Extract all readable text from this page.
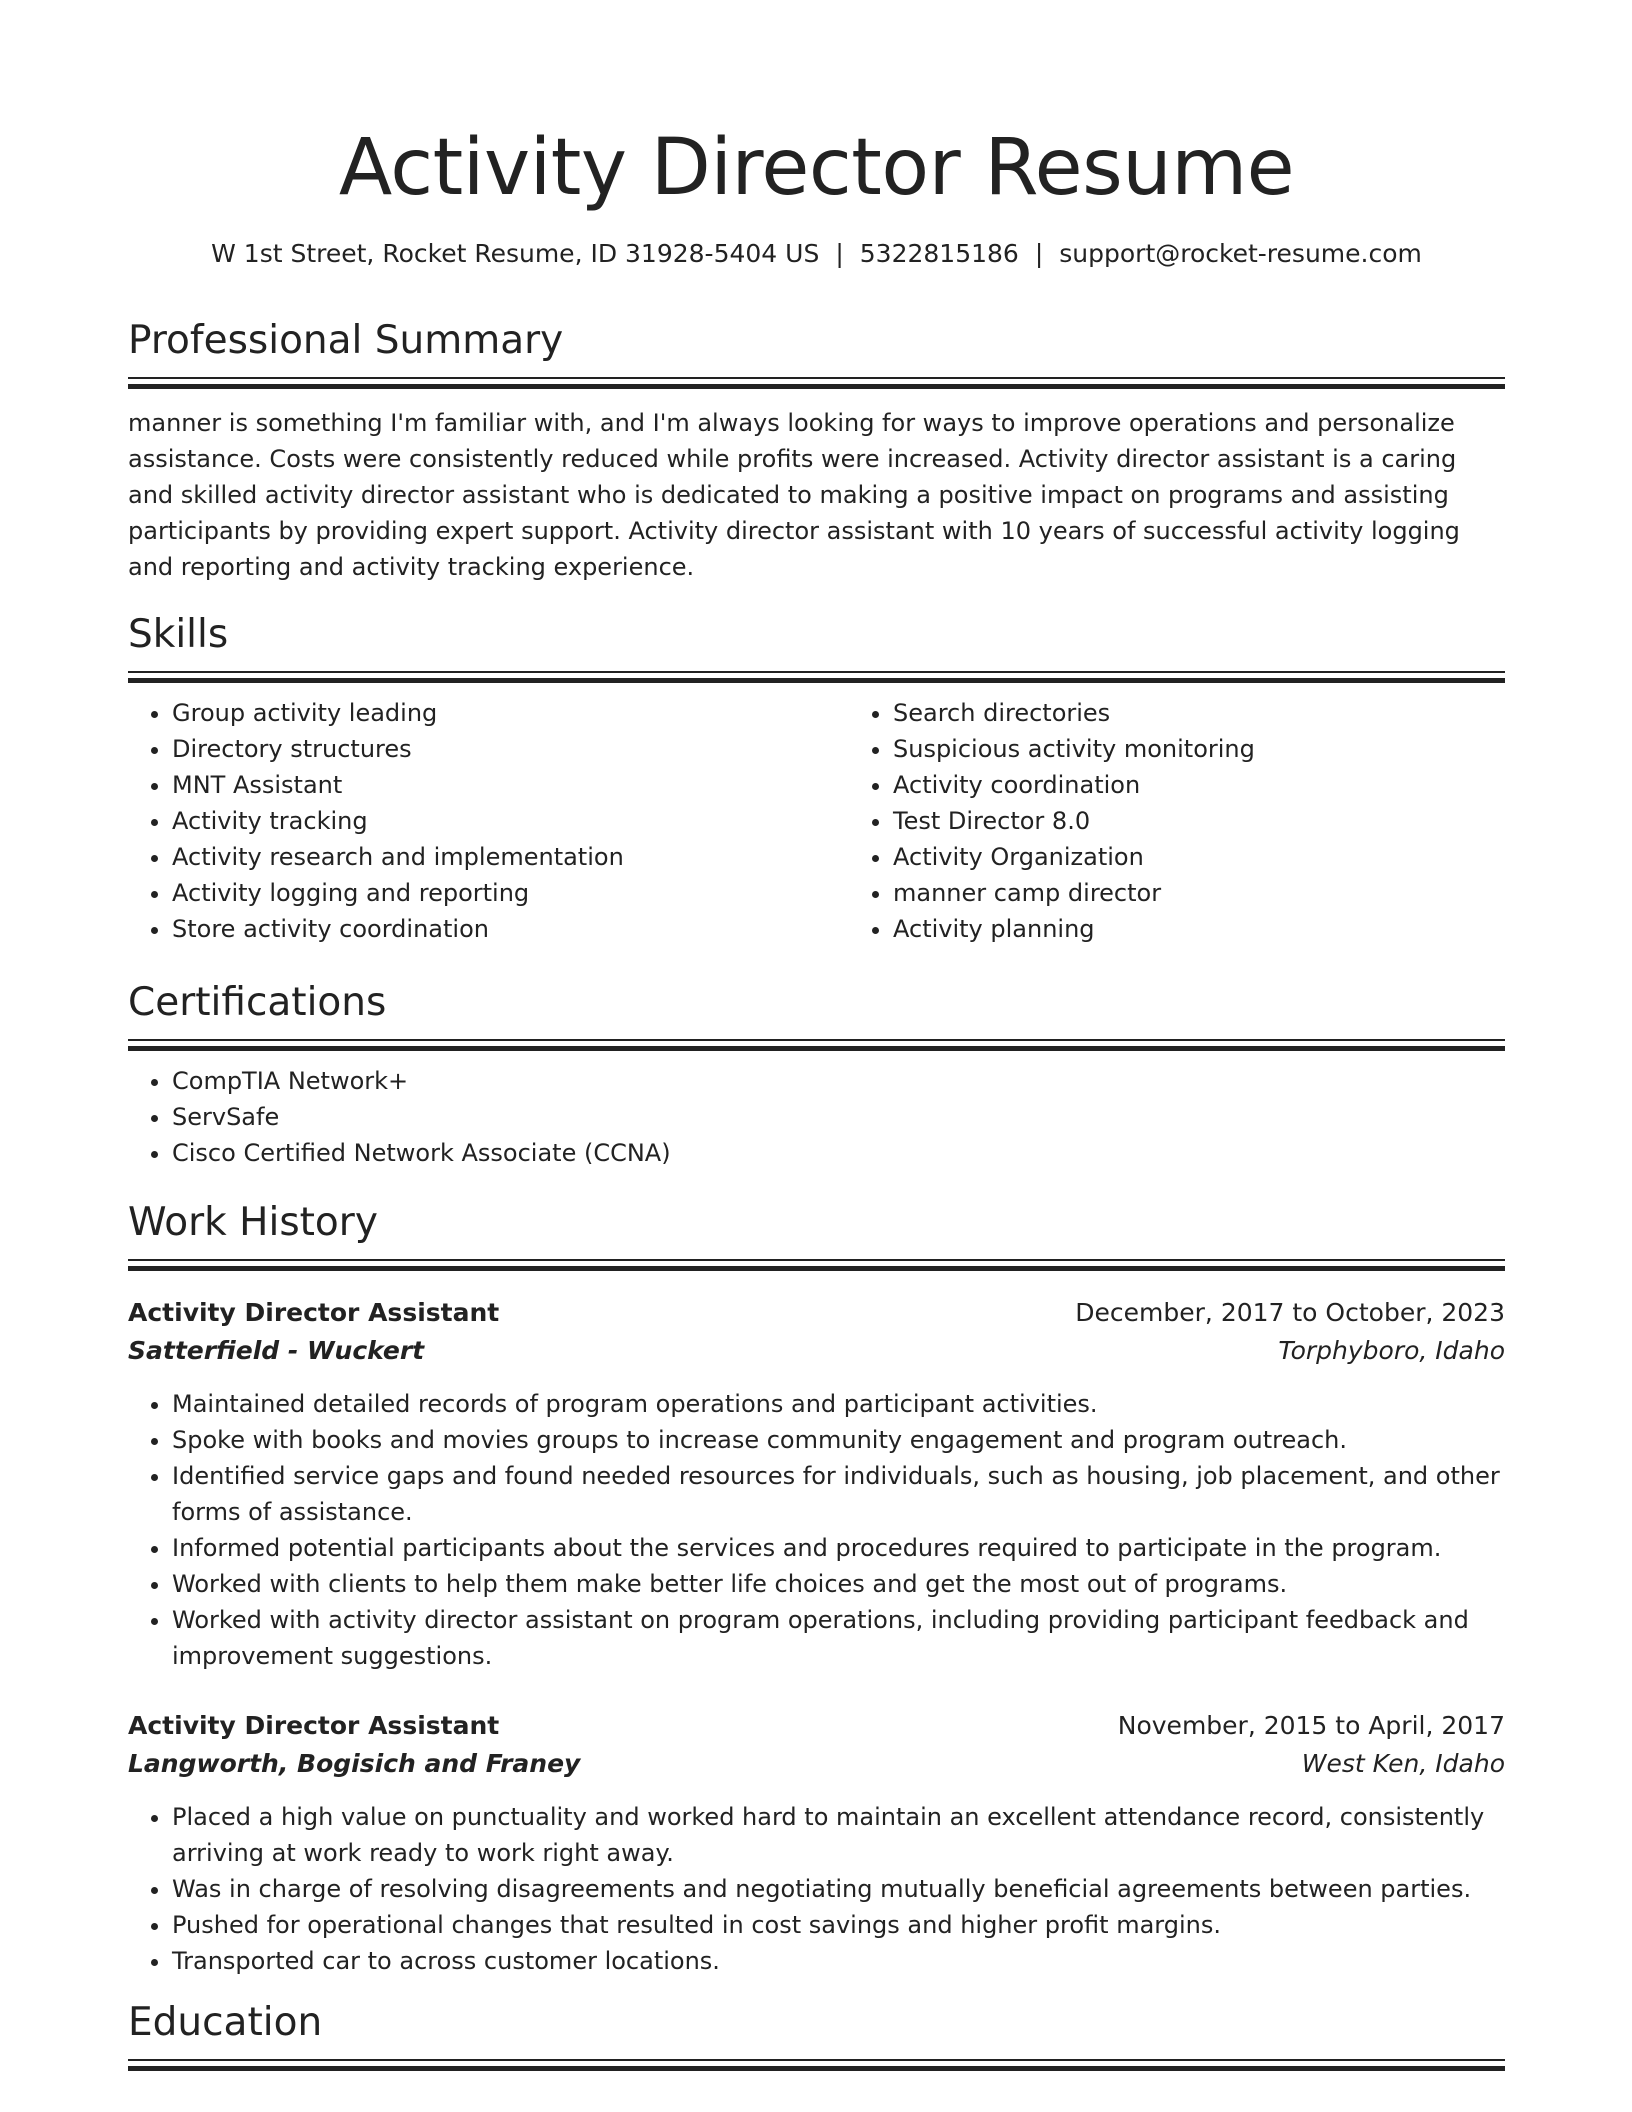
Activity Director Resume
W 1st Street, Rocket Resume, ID 31928-5404 US | 5322815186 | support@rocket-resume.com
Professional Summary

manner is something I'm familiar with, and I'm always looking for ways to improve operations and personalize assistance. Costs were consistently reduced while profits were increased. Activity director assistant is a caring and skilled activity director assistant who is dedicated to making a positive impact on programs and assisting participants by providing expert support. Activity director assistant with 10 years of successful activity logging and reporting and activity tracking experience.

Skills
• Group activity leading
• Directory structures
• MNT Assistant
• Activity tracking
• Activity research and implementation
• Activity logging and reporting
• Store activity coordination
• Search directories
• Suspicious activity monitoring
• Activity coordination
• Test Director 8.0
• Activity Organization
• manner camp director
• Activity planning
Certifications
• CompTIA Network+
• ServSafe
• Cisco Certified Network Associate (CCNA)
Work History
Activity Director Assistant	December, 2017 to October, 2023
Satterfield - Wuckert	Torphyboro, Idaho
• Maintained detailed records of program operations and participant activities.
• Spoke with books and movies groups to increase community engagement and program outreach.
• Identified service gaps and found needed resources for individuals, such as housing, job placement, and other forms of assistance.
• Informed potential participants about the services and procedures required to participate in the program.
• Worked with clients to help them make better life choices and get the most out of programs.
• Worked with activity director assistant on program operations, including providing participant feedback and improvement suggestions.
Activity Director Assistant	November, 2015 to April, 2017
Langworth, Bogisich and Franey	West Ken, Idaho
• Placed a high value on punctuality and worked hard to maintain an excellent attendance record, consistently arriving at work ready to work right away.
• Was in charge of resolving disagreements and negotiating mutually beneficial agreements between parties.
• Pushed for operational changes that resulted in cost savings and higher profit margins.
• Transported car to across customer locations.
Education
